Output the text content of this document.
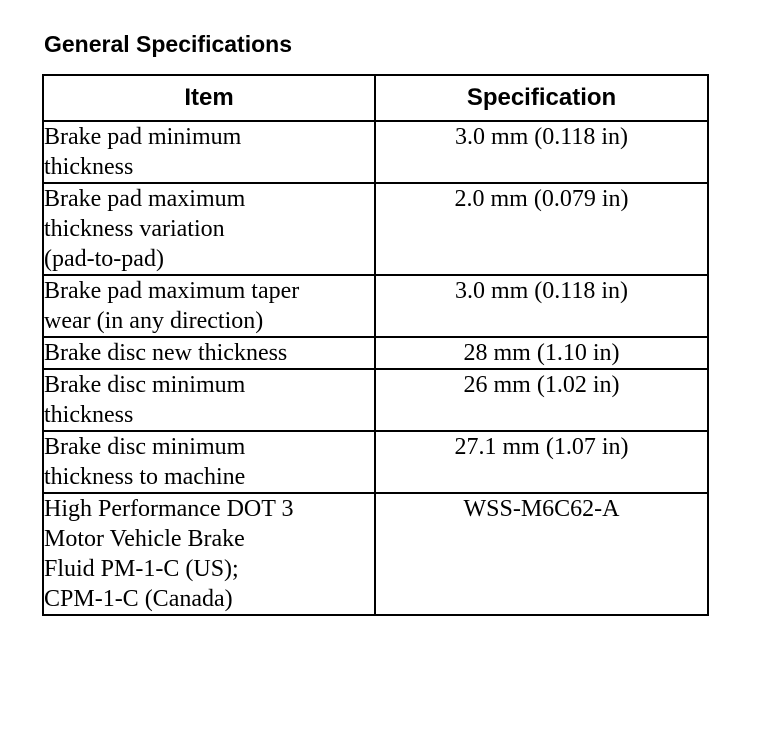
General Specifications
Item	Specification
Brake pad minimum
thickness	3.0 mm (0.118 in)
Brake pad maximum
thickness variation
(pad-to-pad)	2.0 mm (0.079 in)
Brake pad maximum taper
wear (in any direction)	3.0 mm (0.118 in)
Brake disc new thickness	28 mm (1.10 in)
Brake disc minimum
thickness	26 mm (1.02 in)
Brake disc minimum
thickness to machine	27.1 mm (1.07 in)
High Performance DOT 3
Motor Vehicle Brake
Fluid PM-1-C (US);
CPM-1-C (Canada)	WSS-M6C62-A
